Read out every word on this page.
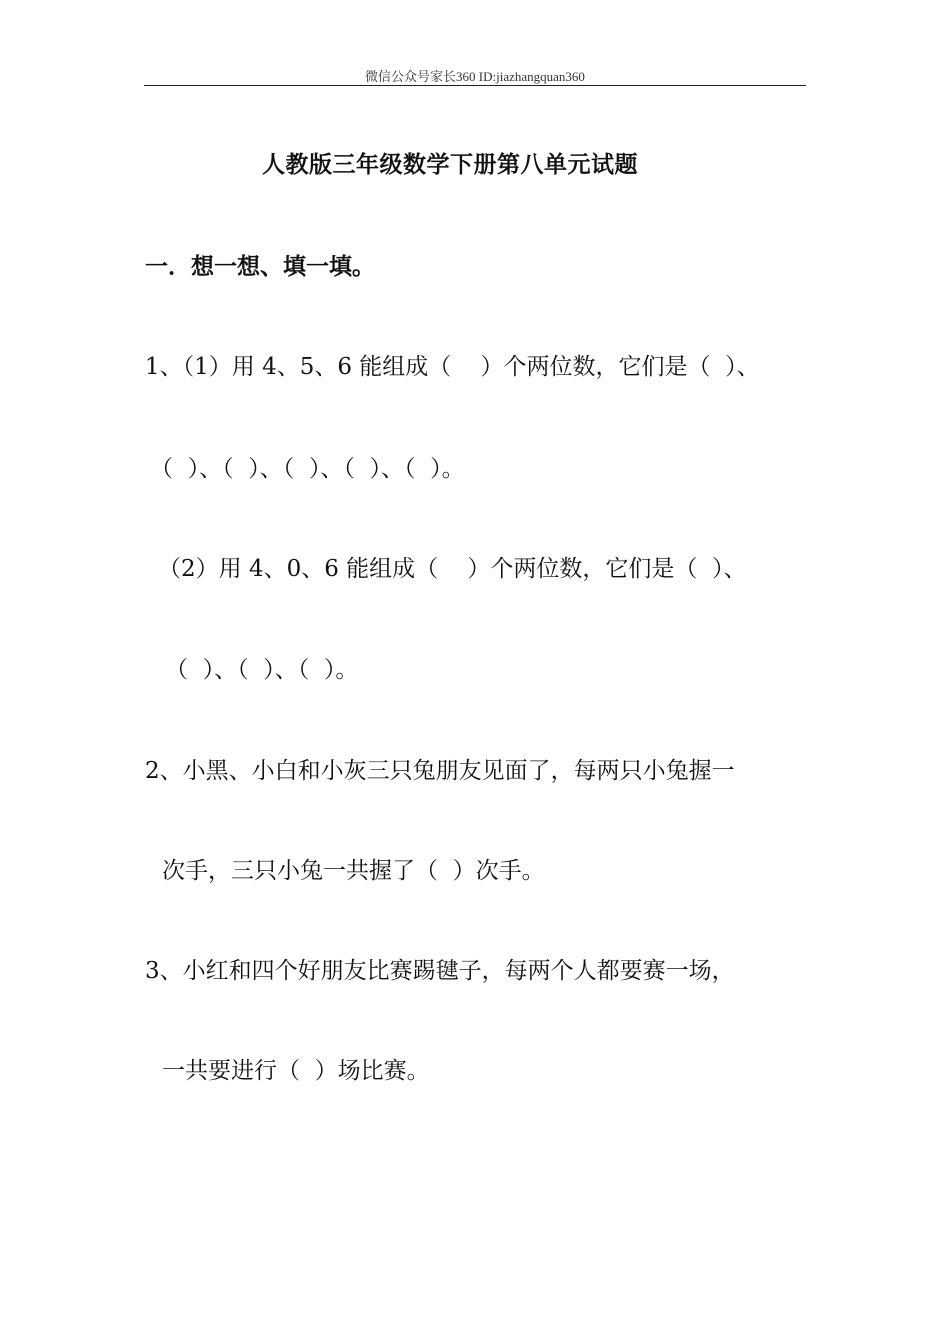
微信公众号家长360 ID:jiazhangquan360
人教版三年级数学下册第八单元试题
一．想一想、填一填。
1、（1）用 4、5、6 能组成（    ）个两位数，它们是（  ）、
（  ）、（  ）、（  ）、（  ）、（  ）。
（2）用 4、0、6 能组成（    ）个两位数，它们是（  ）、
（  ）、（  ）、（  ）。
2、小黑、小白和小灰三只兔朋友见面了，每两只小兔握一
次手，三只小兔一共握了（  ）次手。
3、小红和四个好朋友比赛踢毽子，每两个人都要赛一场，
一共要进行（  ）场比赛。
